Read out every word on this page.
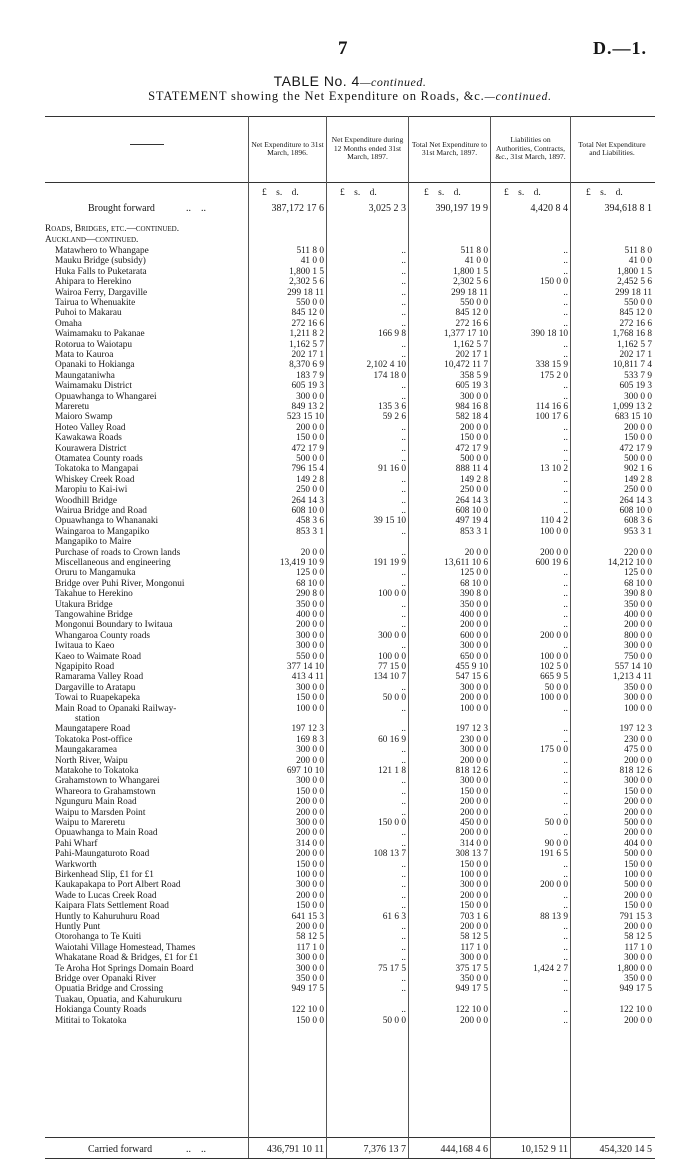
7	D.—1.
TABLE No. 4—continued.
STATEMENT showing the Net Expenditure on Roads, &c.—continued.
Net Expenditure to 31st March, 1896.
Net Expenditure during 12 Months ended 31st March, 1897.
Total Net Expenditure to 31st March, 1897.
Liabilities on Authorities, Contracts, &c., 31st March, 1897.
Total Net Expenditure and Liabilities.
£ s. d.	£ s. d.	£ s. d.	£ s. d.	£ s. d.
Brought forward	..    ..	387,172 17 6	3,025 2 3	390,197 19 9	4,420 8 4	394,618 8 1
Roads, Bridges, etc.—continued.
Auckland—continued.
Matawhero to Whangape	511 8 0	..	511 8 0	..	511 8 0
Mauku Bridge (subsidy)	41 0 0	..	41 0 0	..	41 0 0
Huka Falls to Puketarata	1,800 1 5	..	1,800 1 5	..	1,800 1 5
Ahipara to Herekino	2,302 5 6	..	2,302 5 6	150 0 0	2,452 5 6
Wairoa Ferry, Dargaville	299 18 11	..	299 18 11	..	299 18 11
Tairua to Whenuakite	550 0 0	..	550 0 0	..	550 0 0
Puhoi to Makarau	845 12 0	..	845 12 0	..	845 12 0
Omaha	272 16 6	..	272 16 6	..	272 16 6
Waimamaku to Pakanae	1,211 8 2	166 9 8	1,377 17 10	390 18 10	1,768 16 8
Rotorua to Waiotapu	1,162 5 7	..	1,162 5 7	..	1,162 5 7
Mata to Kauroa	202 17 1	..	202 17 1	..	202 17 1
Opanaki to Hokianga	8,370 6 9	2,102 4 10	10,472 11 7	338 15 9	10,811 7 4
Maungataniwha	183 7 9	174 18 0	358 5 9	175 2 0	533 7 9
Waimamaku District	605 19 3	..	605 19 3	..	605 19 3
Opuawhanga to Whangarei	300 0 0	..	300 0 0	..	300 0 0
Mareretu	849 13 2	135 3 6	984 16 8	114 16 6	1,099 13 2
Maioro Swamp	523 15 10	59 2 6	582 18 4	100 17 6	683 15 10
Hoteo Valley Road	200 0 0	..	200 0 0	..	200 0 0
Kawakawa Roads	150 0 0	..	150 0 0	..	150 0 0
Kourawera District	472 17 9	..	472 17 9	..	472 17 9
Otamatea County roads	500 0 0	..	500 0 0	..	500 0 0
Tokatoka to Mangapai	796 15 4	91 16 0	888 11 4	13 10 2	902 1 6
Whiskey Creek Road	149 2 8	..	149 2 8	..	149 2 8
Maropiu to Kai-iwi	250 0 0	..	250 0 0	..	250 0 0
Woodhill Bridge	264 14 3	..	264 14 3	..	264 14 3
Wairua Bridge and Road	608 10 0	..	608 10 0	..	608 10 0
Opuawhanga to Whananaki	458 3 6	39 15 10	497 19 4	110 4 2	608 3 6
Waingaroa to Mangapiko	853 3 1	..	853 3 1	100 0 0	953 3 1
Mangapiko to Maire
Purchase of roads to Crown lands	20 0 0	..	20 0 0	200 0 0	220 0 0
Miscellaneous and engineering	13,419 10 9	191 19 9	13,611 10 6	600 19 6	14,212 10 0
Oruru to Mangamuka	125 0 0	..	125 0 0	..	125 0 0
Bridge over Puhi River, Mongonui	68 10 0	..	68 10 0	..	68 10 0
Takahue to Herekino	290 8 0	100 0 0	390 8 0	..	390 8 0
Utakura Bridge	350 0 0	..	350 0 0	..	350 0 0
Tangowahine Bridge	400 0 0	..	400 0 0	..	400 0 0
Mongonui Boundary to Iwitaua	200 0 0	..	200 0 0	..	200 0 0
Whangaroa County roads	300 0 0	300 0 0	600 0 0	200 0 0	800 0 0
Iwitaua to Kaeo	300 0 0	..	300 0 0	..	300 0 0
Kaeo to Waimate Road	550 0 0	100 0 0	650 0 0	100 0 0	750 0 0
Ngapipito Road	377 14 10	77 15 0	455 9 10	102 5 0	557 14 10
Ramarama Valley Road	413 4 11	134 10 7	547 15 6	665 9 5	1,213 4 11
Dargaville to Aratapu	300 0 0	..	300 0 0	50 0 0	350 0 0
Towai to Ruapekapeka	150 0 0	50 0 0	200 0 0	100 0 0	300 0 0
Main Road to Opanaki Railway-	100 0 0	..	100 0 0	..	100 0 0
station
Maungatapere Road	197 12 3	..	197 12 3	..	197 12 3
Tokatoka Post-office	169 8 3	60 16 9	230 0 0	..	230 0 0
Maungakaramea	300 0 0	..	300 0 0	175 0 0	475 0 0
North River, Waipu	200 0 0	..	200 0 0	..	200 0 0
Matakohe to Tokatoka	697 10 10	121 1 8	818 12 6	..	818 12 6
Grahamstown to Whangarei	300 0 0	..	300 0 0	..	300 0 0
Whareora to Grahamstown	150 0 0	..	150 0 0	..	150 0 0
Ngunguru Main Road	200 0 0	..	200 0 0	..	200 0 0
Waipu to Marsden Point	200 0 0	..	200 0 0	..	200 0 0
Waipu to Mareretu	300 0 0	150 0 0	450 0 0	50 0 0	500 0 0
Opuawhanga to Main Road	200 0 0	..	200 0 0	..	200 0 0
Pahi Wharf	314 0 0	..	314 0 0	90 0 0	404 0 0
Pahi-Maungaturoto Road	200 0 0	108 13 7	308 13 7	191 6 5	500 0 0
Warkworth	150 0 0	..	150 0 0	..	150 0 0
Birkenhead Slip, £1 for £1	100 0 0	..	100 0 0	..	100 0 0
Kaukapakapa to Port Albert Road	300 0 0	..	300 0 0	200 0 0	500 0 0
Wade to Lucas Creek Road	200 0 0	..	200 0 0	..	200 0 0
Kaipara Flats Settlement Road	150 0 0	..	150 0 0	..	150 0 0
Huntly to Kahuruhuru Road	641 15 3	61 6 3	703 1 6	88 13 9	791 15 3
Huntly Punt	200 0 0	..	200 0 0	..	200 0 0
Otorohanga to Te Kuiti	58 12 5	..	58 12 5	..	58 12 5
Waiotahi Village Homestead, Thames	117 1 0	..	117 1 0	..	117 1 0
Whakatane Road & Bridges, £1 for £1	300 0 0	..	300 0 0	..	300 0 0
Te Aroha Hot Springs Domain Board	300 0 0	75 17 5	375 17 5	1,424 2 7	1,800 0 0
Bridge over Opanaki River	350 0 0	..	350 0 0	..	350 0 0
Opuatia Bridge and Crossing	949 17 5	..	949 17 5	..	949 17 5
Tuakau, Opuatia, and Kahurukuru
Hokianga County Roads	122 10 0	..	122 10 0	..	122 10 0
Mititai to Tokatoka	150 0 0	50 0 0	200 0 0	..	200 0 0
Carried forward	..    ..	436,791 10 11	7,376 13 7	444,168 4 6	10,152 9 11	454,320 14 5
